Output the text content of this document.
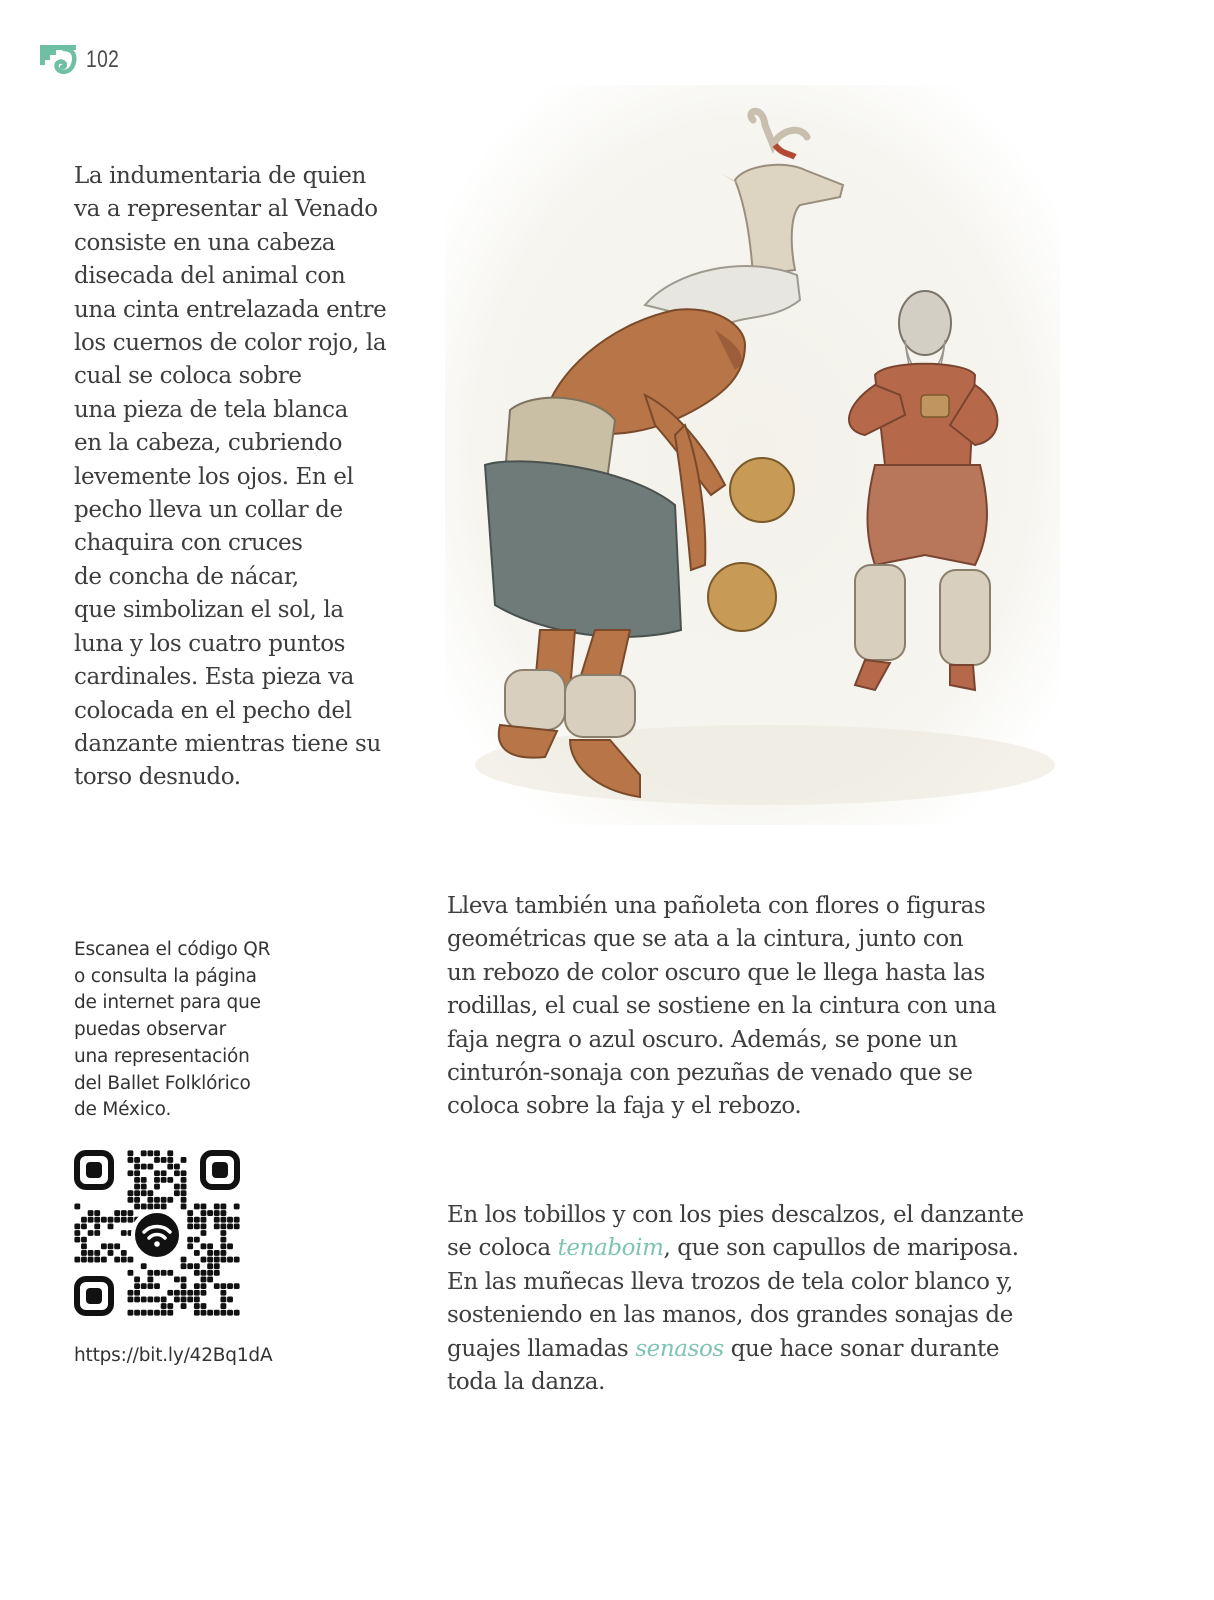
102

La indumentaria de quien
va a representar al Venado
consiste en una cabeza
disecada del animal con
una cinta entrelazada entre
los cuernos de color rojo, la
cual se coloca sobre
una pieza de tela blanca
en la cabeza, cubriendo
levemente los ojos. En el
pecho lleva un collar de
chaquira con cruces
de concha de nácar,
que simbolizan el sol, la
luna y los cuatro puntos
cardinales. Esta pieza va
colocada en el pecho del
danzante mientras tiene su
torso desnudo.

Lleva también una pañoleta con flores o figuras
geométricas que se ata a la cintura, junto con
un rebozo de color oscuro que le llega hasta las
rodillas, el cual se sostiene en la cintura con una
faja negra o azul oscuro. Además, se pone un
cinturón-sonaja con pezuñas de venado que se
coloca sobre la faja y el rebozo.

En los tobillos y con los pies descalzos, el danzante
se coloca tenaboim, que son capullos de mariposa.
En las muñecas lleva trozos de tela color blanco y,
sosteniendo en las manos, dos grandes sonajas de
guajes llamadas senasos que hace sonar durante
toda la danza.

Escanea el código QR
o consulta la página
de internet para que
puedas observar
una representación
del Ballet Folklórico
de México.

https://bit.ly/42Bq1dA
